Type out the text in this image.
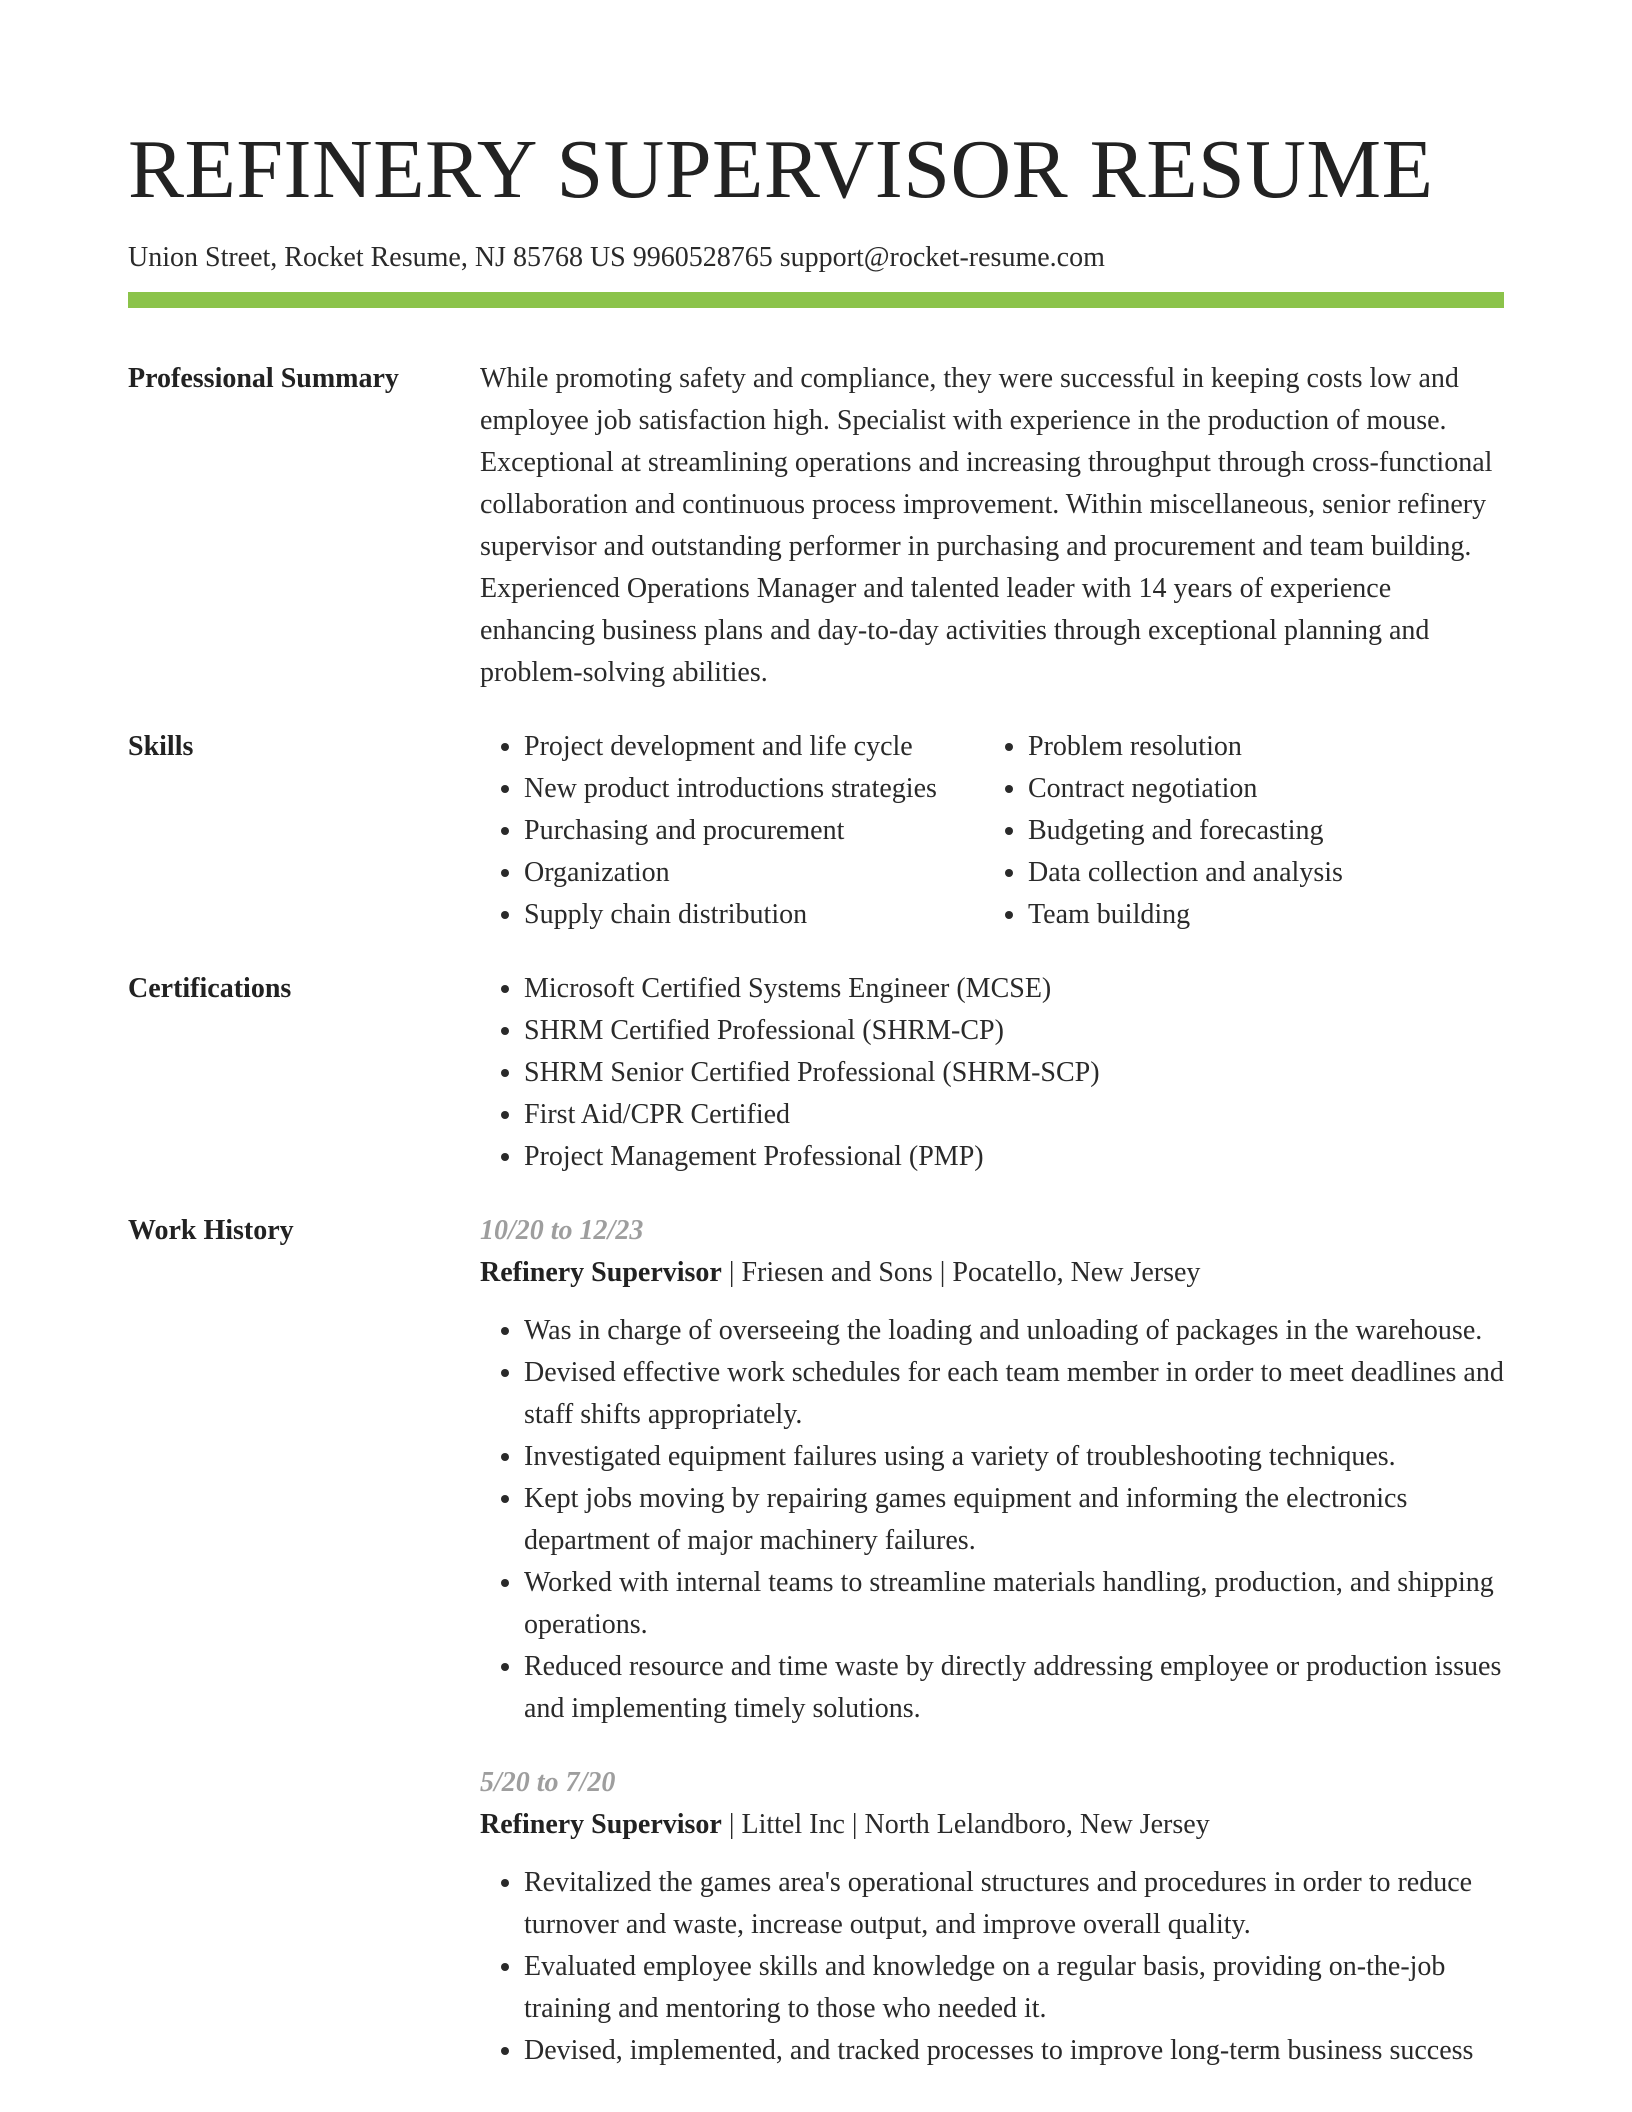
REFINERY SUPERVISOR RESUME
Union Street, Rocket Resume, NJ 85768 US 9960528765 support@rocket-resume.com
Professional Summary	While promoting safety and compliance, they were successful in keeping costs low and employee job satisfaction high. Specialist with experience in the production of mouse. Exceptional at streamlining operations and increasing throughput through cross-functional collaboration and continuous process improvement. Within miscellaneous, senior refinery supervisor and outstanding performer in purchasing and procurement and team building. Experienced Operations Manager and talented leader with 14 years of experience enhancing business plans and day-to-day activities through exceptional planning and problem-solving abilities.
Skills	• Project development and life cycle
• New product introductions strategies
• Purchasing and procurement
• Organization
• Supply chain distribution
• Problem resolution
• Contract negotiation
• Budgeting and forecasting
• Data collection and analysis
• Team building
Certifications	• Microsoft Certified Systems Engineer (MCSE)
• SHRM Certified Professional (SHRM-CP)
• SHRM Senior Certified Professional (SHRM-SCP)
• First Aid/CPR Certified
• Project Management Professional (PMP)
Work History	10/20 to 12/23
Refinery Supervisor | Friesen and Sons | Pocatello, New Jersey
• Was in charge of overseeing the loading and unloading of packages in the warehouse.
• Devised effective work schedules for each team member in order to meet deadlines and staff shifts appropriately.
• Investigated equipment failures using a variety of troubleshooting techniques.
• Kept jobs moving by repairing games equipment and informing the electronics department of major machinery failures.
• Worked with internal teams to streamline materials handling, production, and shipping operations.
• Reduced resource and time waste by directly addressing employee or production issues and implementing timely solutions.
5/20 to 7/20
Refinery Supervisor | Littel Inc | North Lelandboro, New Jersey
• Revitalized the games area's operational structures and procedures in order to reduce turnover and waste, increase output, and improve overall quality.
• Evaluated employee skills and knowledge on a regular basis, providing on-the-job training and mentoring to those who needed it.
• Devised, implemented, and tracked processes to improve long-term business success
